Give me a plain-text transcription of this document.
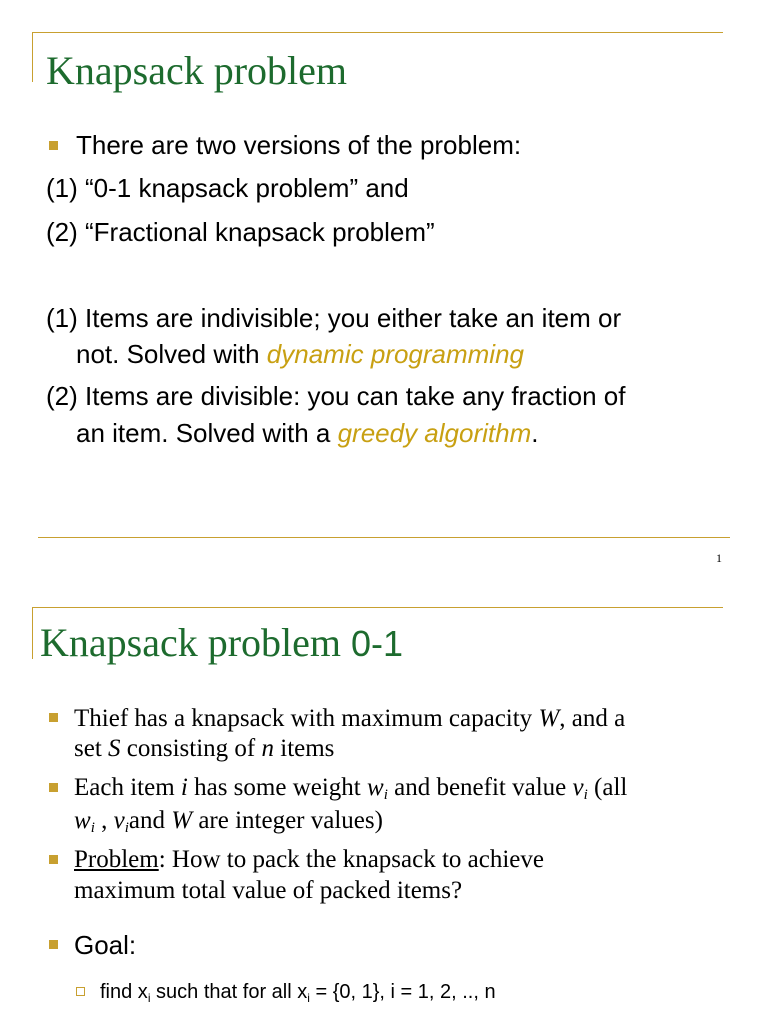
Knapsack problem
There are two versions of the problem:
(1) “0-1 knapsack problem” and
(2) “Fractional knapsack problem”
(1) Items are indivisible; you either take an item or
not. Solved with dynamic programming
(2) Items are divisible: you can take any fraction of
an item. Solved with a greedy algorithm.
1
Knapsack problem 0-1
Thief has a knapsack with maximum capacity W, and a
set S consisting of n items
Each item i has some weight $w_i$ and benefit value $v_i$ (all
$w_i$ , $v_iand$ W are integer values)
Problem: How to pack the knapsack to achieve
maximum total value of packed items?
Goal:
find $x_i$ such that for all $x_i = \{0$, 1}, i = 1, 2, .., n
